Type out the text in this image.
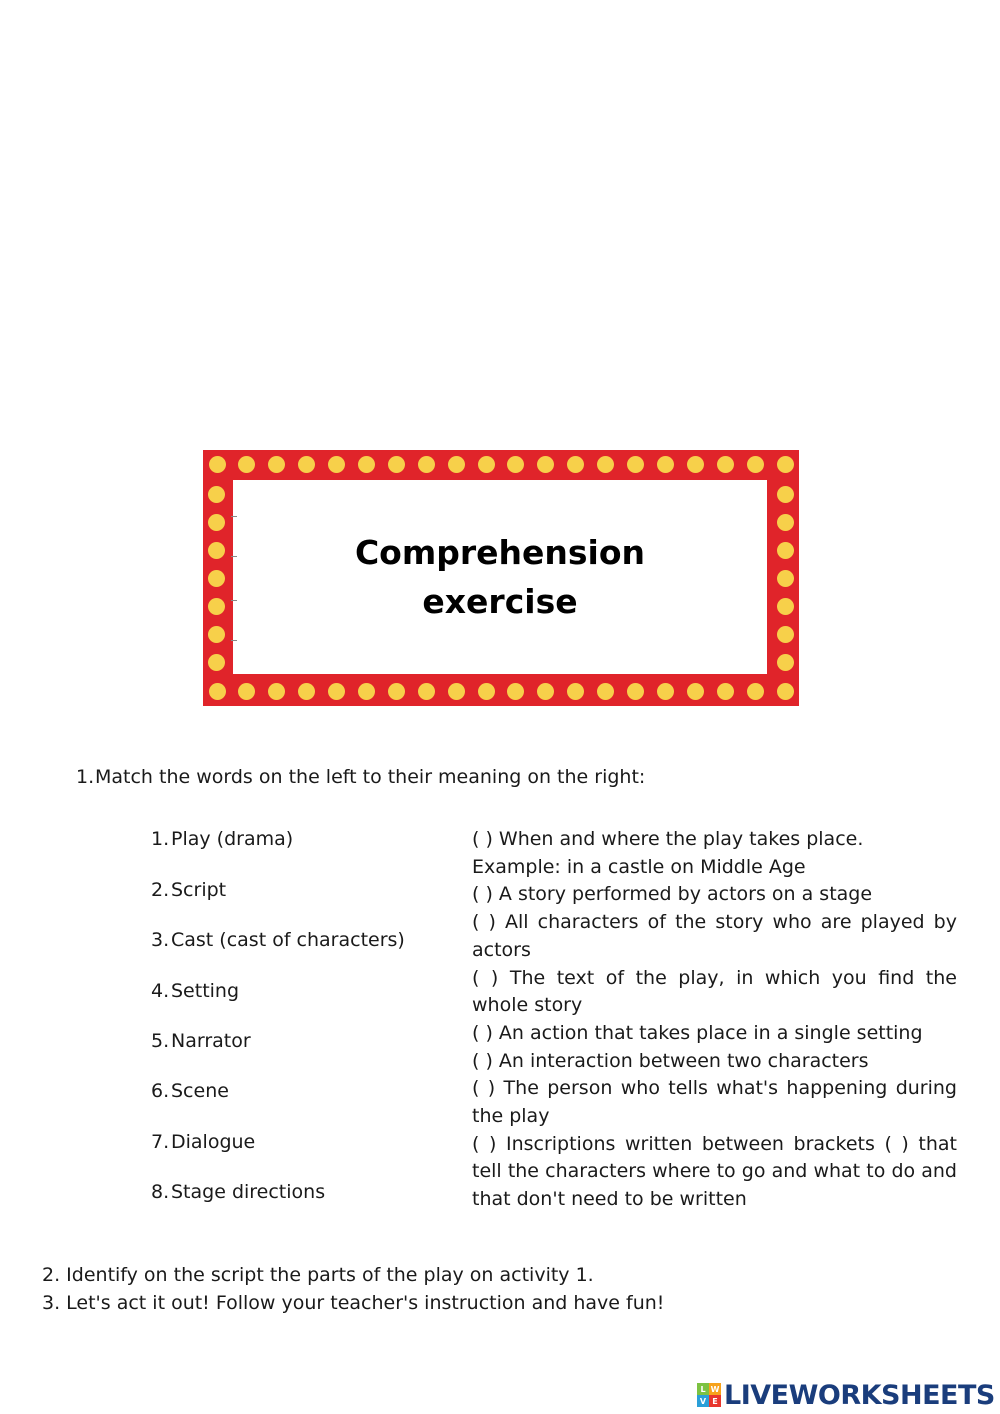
Comprehension exercise
1.Match the words on the left to their meaning on the right:
1.Play (drama)
2.Script
3.Cast (cast of characters)
4.Setting
5.Narrator
6.Scene
7.Dialogue
8.Stage directions
( ) When and where the play takes place.
Example: in a castle on Middle Age
( ) A story performed by actors on a stage
( ) All characters of the story who are played by actors
( ) The text of the play, in which you find the whole story
( ) An action that takes place in a single setting
( ) An interaction between two characters
( ) The person who tells what's happening during the play
( ) Inscriptions written between brackets ( ) that tell the characters where to go and what to do and that don't need to be written
2. Identify on the script the parts of the play on activity 1.
3. Let's act it out! Follow your teacher's instruction and have fun!
L W
V E LIVEWORKSHEETS
